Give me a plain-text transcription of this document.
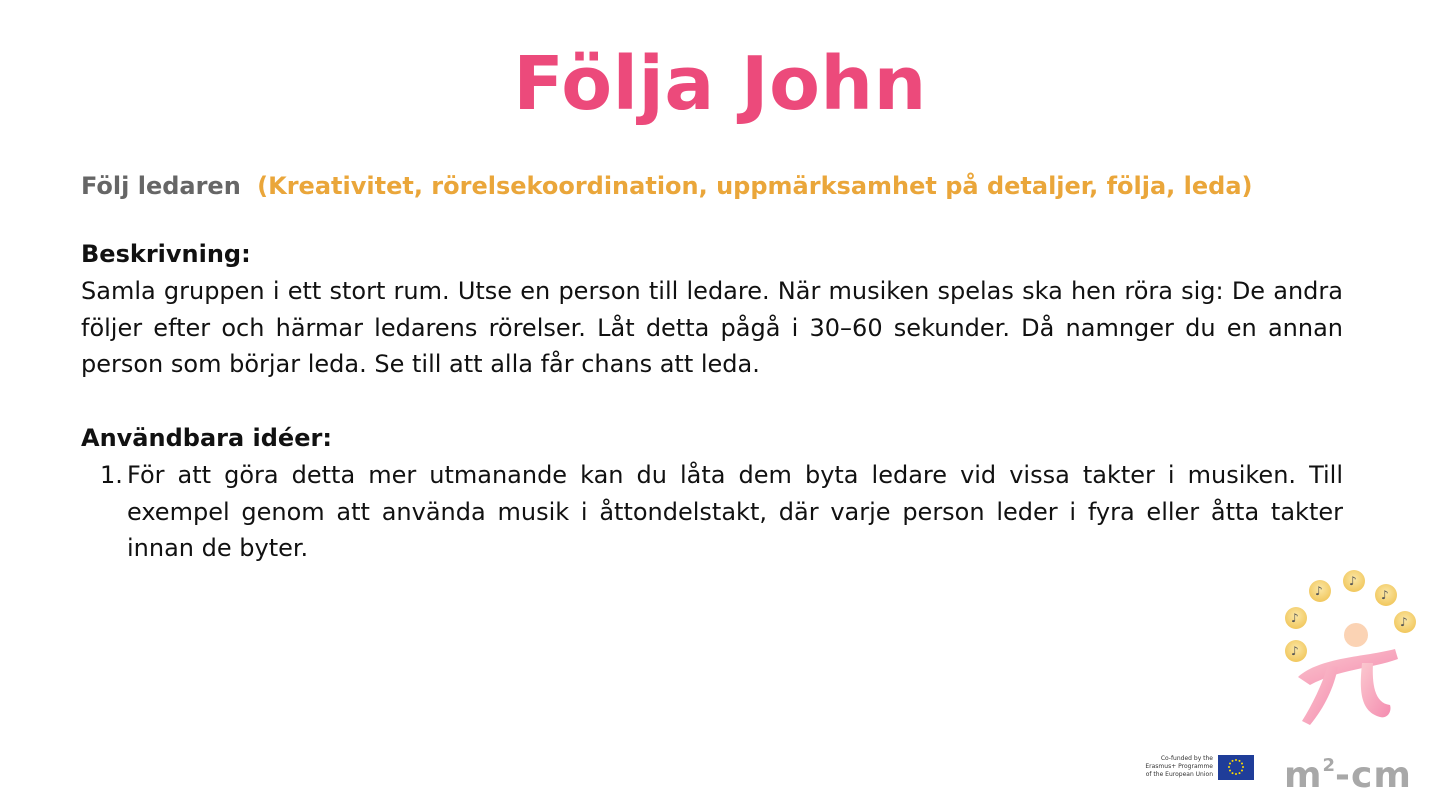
Följa John
Följ ledaren (Kreativitet, rörelsekoordination, uppmärksamhet på detaljer, följa, leda)
Beskrivning:

Samla gruppen i ett stort rum. Utse en person till ledare. När musiken spelas ska hen röra sig: De andra följer efter och härmar ledarens rörelser. Låt detta pågå i 30–60 sekunder. Då namnger du en annan person som börjar leda. Se till att alla får chans att leda.

Användbara idéer:
1. För att göra detta mer utmanande kan du låta dem byta ledare vid vissa takter i musiken. Till exempel genom att använda musik i åttondelstakt, där varje person leder i fyra eller åtta takter innan de byter.
♪
♪
♪
♪
♪
♪
Co-funded by the
Erasmus+ Programme
of the European Union $m^2-cm$
